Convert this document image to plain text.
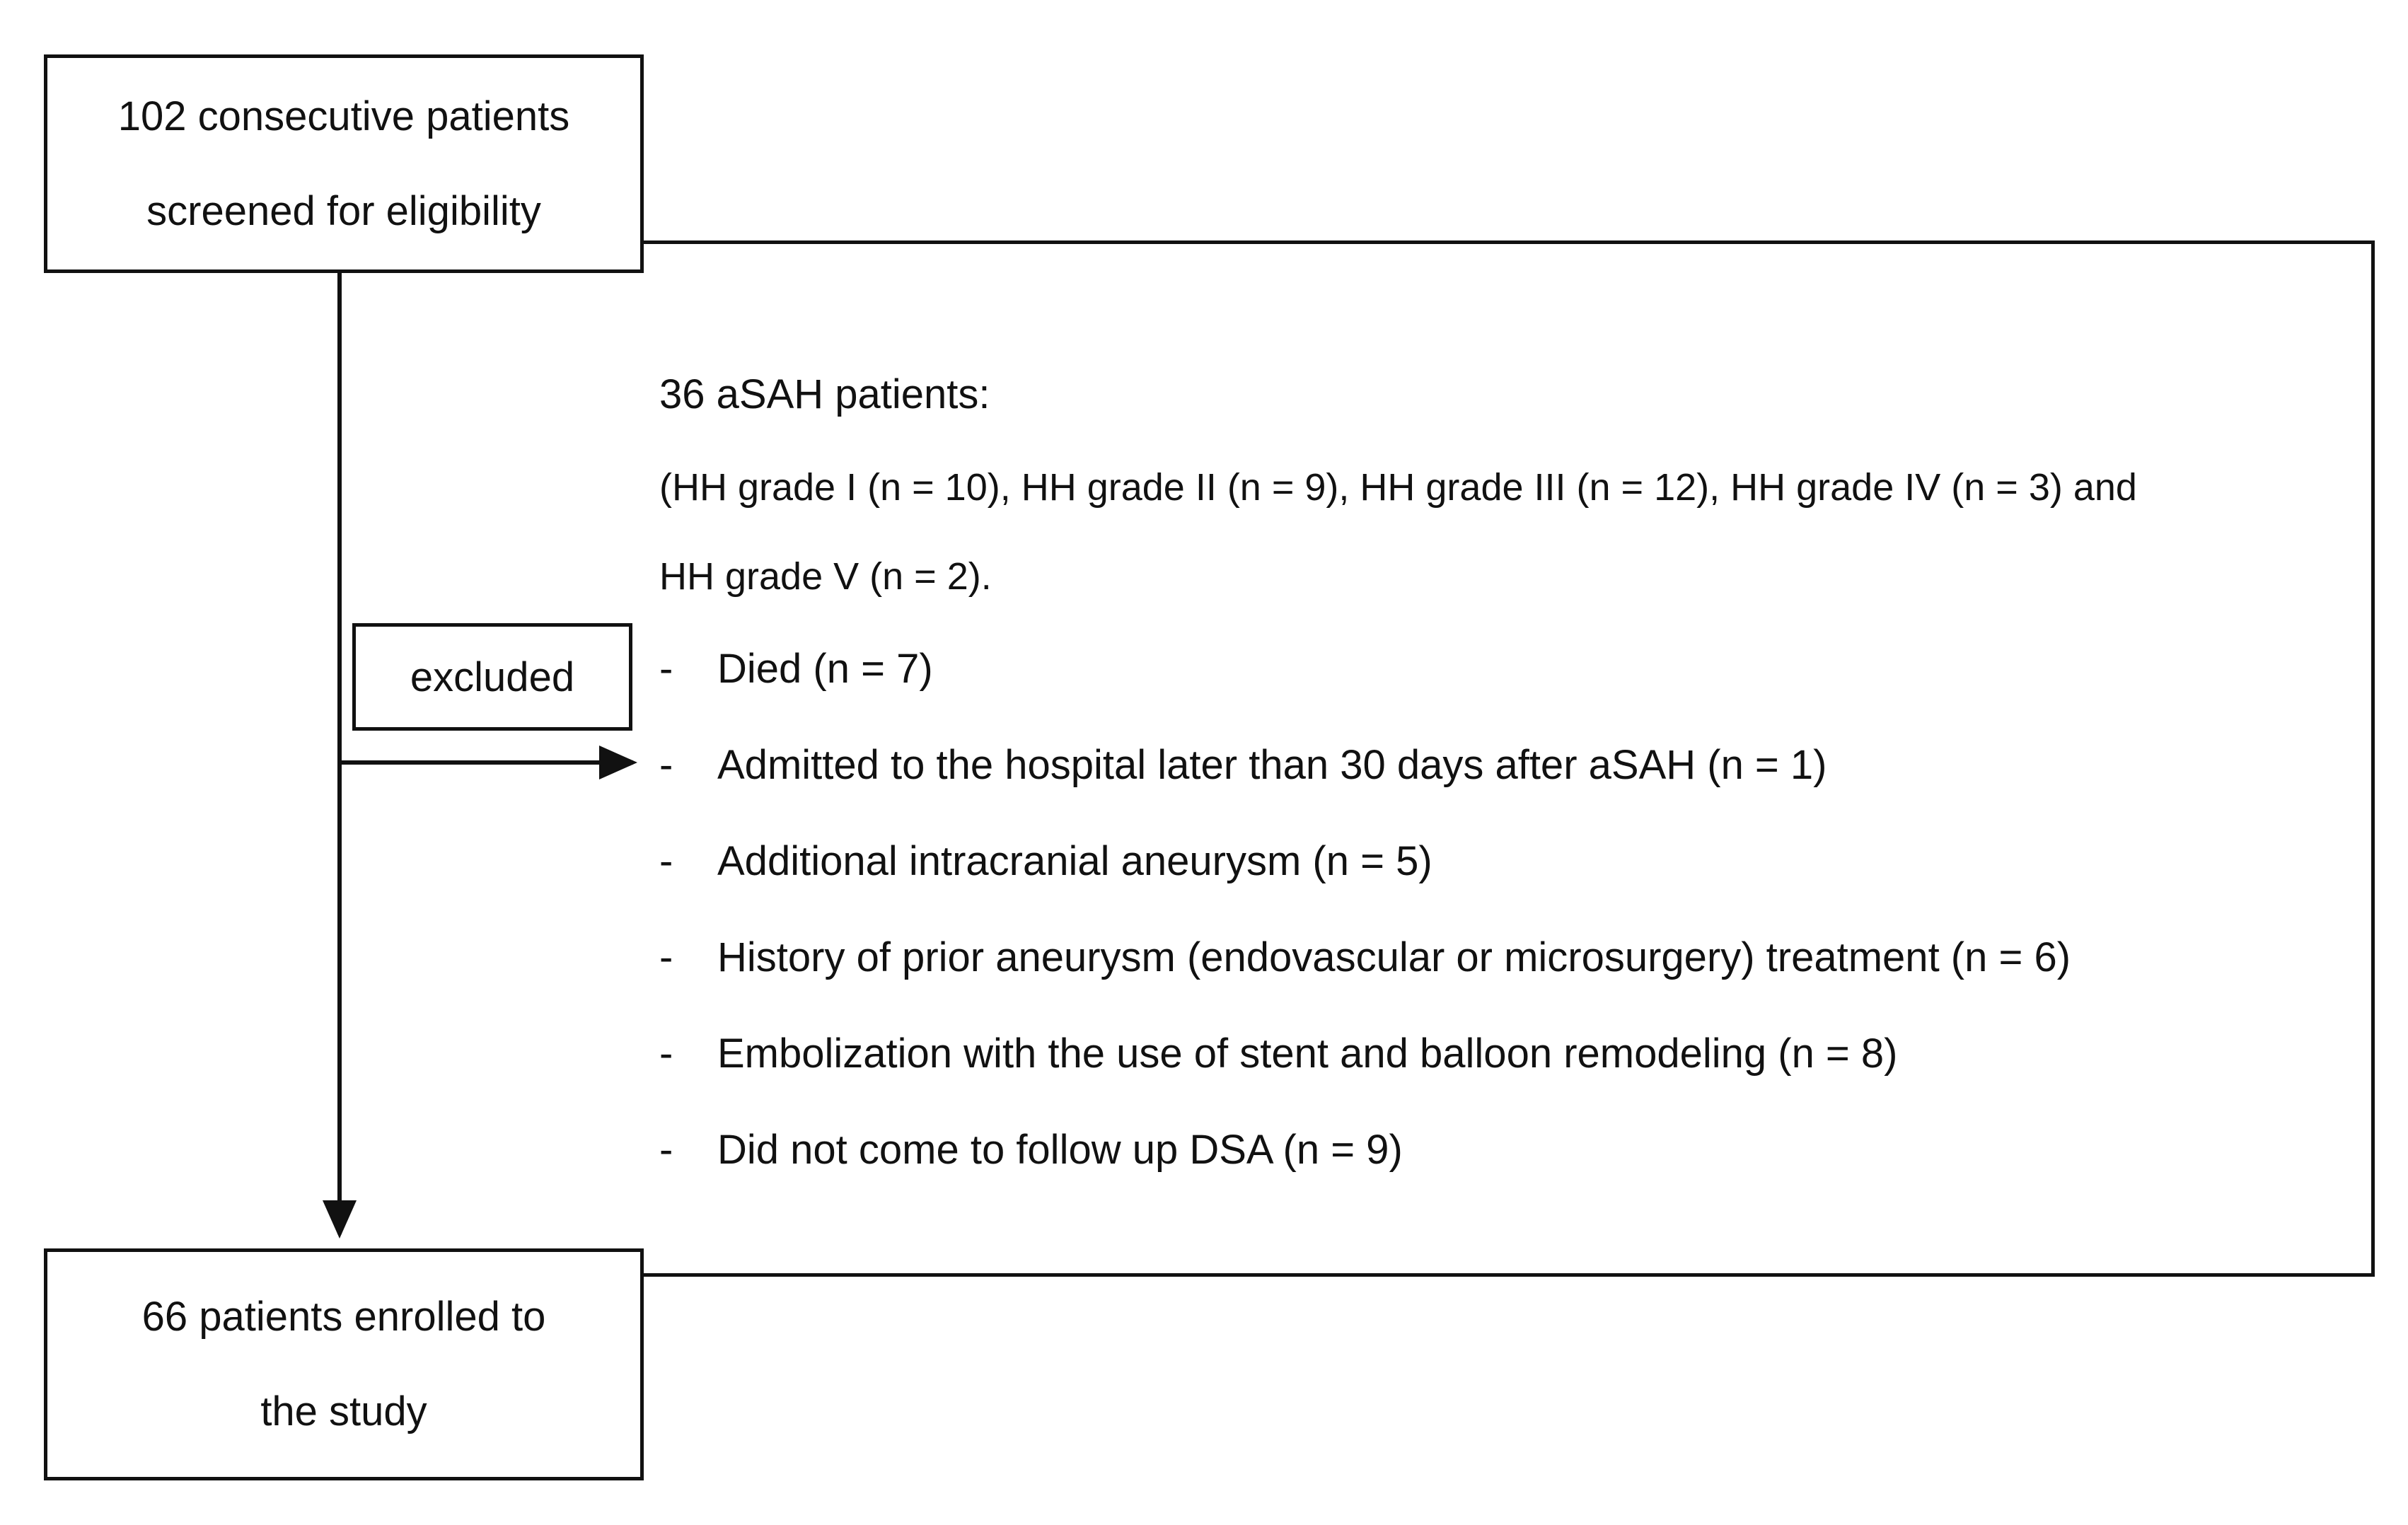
102 consecutive patients
screened for eligibility
36 aSAH patients:
(HH grade I (n = 10), HH grade II (n = 9), HH grade III (n = 12), HH grade IV (n = 3) and
HH grade V (n = 2).
-	Died (n = 7)
-	Admitted to the hospital later than 30 days after aSAH (n = 1)
-	Additional intracranial aneurysm (n = 5)
-	History of prior aneurysm (endovascular or microsurgery) treatment (n = 6)
-	Embolization with the use of stent and balloon remodeling (n = 8)
-	Did not come to follow up DSA (n = 9)
excluded
66 patients enrolled to
the study
